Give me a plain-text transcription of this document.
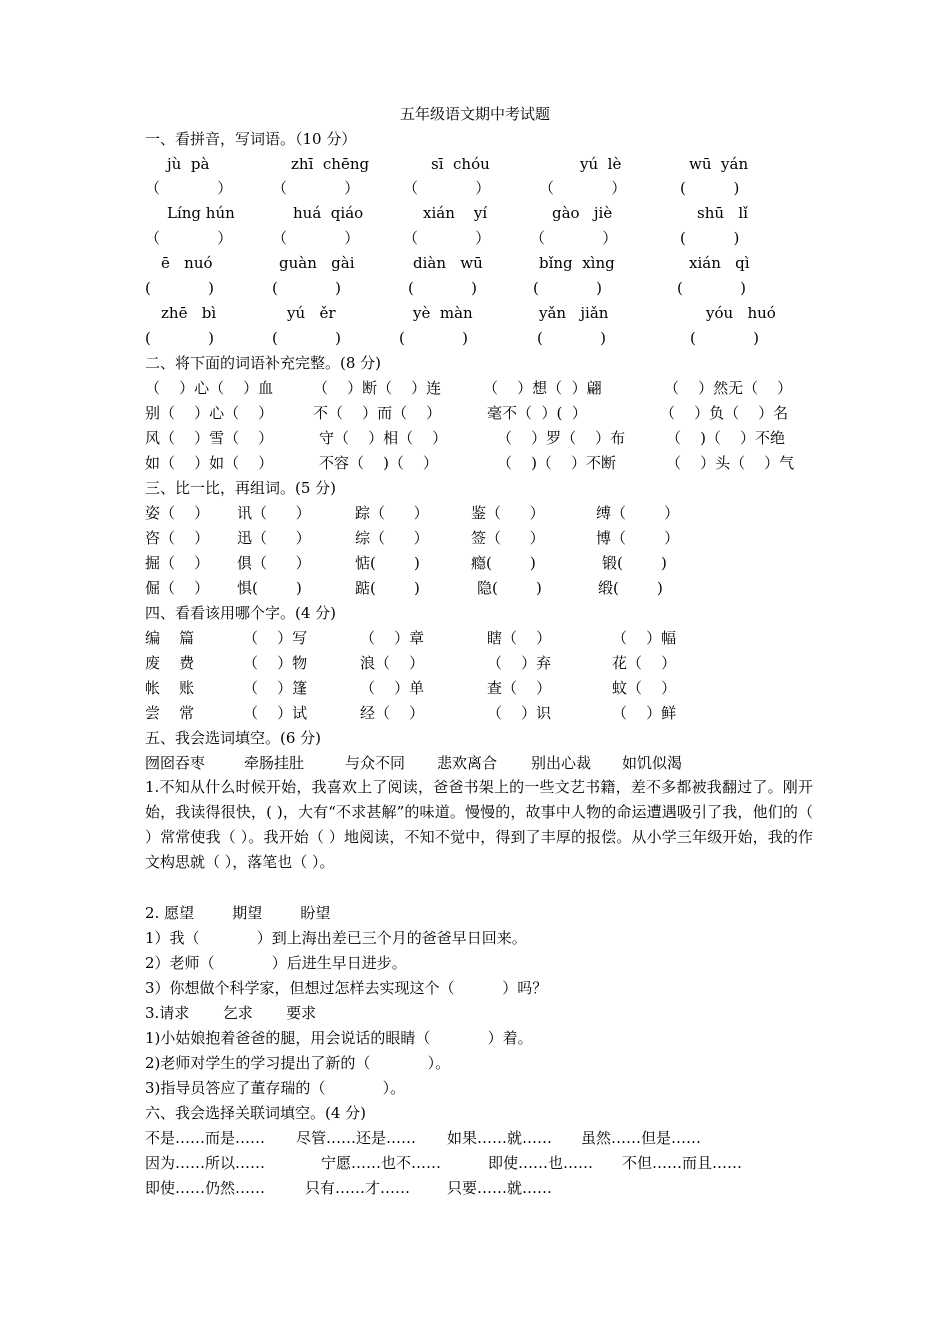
五年级语文期中考试题
一、看拼音，写词语。（10 分）
jù  pà	zhī  chēng	sī  chóu	yú  lè	wū  yán
（            ）	（            ）	（            ）	（            ）	(          )
Líng hún	huá  qiáo	xián    yí	gào   jiè	shū   lǐ
（            ）	（            ）	（            ）	（            ）	(          )
ē   nuó	guàn   gài	diàn   wū	bǐng  xìng	xián   qì
(            )	(            )	(            )	(            )	(            )
zhē   bì	yú   ěr	yè  màn	yǎn   jiǎn	yóu   huó
(            )	(            )	(            )	(            )	(            )
二、将下面的词语补充完整。(8 分)
（    ）心（    ）血	（    ）断（    ）连	（    ）想（  ）翩	（    ）然无（    ）
别（    ）心（    ）	不（    ）而（    ）	毫不（  ）(  ）	（    ）负（    ）名
风（    ）雪（    ）	守（    ）相（    ）	（    ）罗（    ）布	（    )（    ）不绝
如（    ）如（    ）	不容（    )（    ）	（    )（    ）不断	（    ）头（    ）气
三、比一比，再组词。(5 分)
姿（    ） 讯（      ）	踪（      ）	鉴（      ）	缚（        ）
咨（    ） 迅（      ）	综（      ）	签（      ）	博（        ）
掘（    ） 俱（      ）	惦(        )	瘾(        )	锻(        )
倔（    ） 惧(        )	踮(        )	隐(        )	缎(        )
四、看看该用哪个字。(4 分)
编    篇	（    ）写	（    ）章	瞎（    ）	（    ）幅
废    费	（    ）物	浪（    ）	（    ）弃	花（    ）
帐    账	（    ）篷	（    ）单	查（    ）	蚊（    ）
尝    常	（    ）试	经（    ）	（    ）识	（    ）鲜
五、我会选词填空。(6 分)
囫囵吞枣	牵肠挂肚	与众不同 悲欢离合 别出心裁 如饥似渴
1.不知从什么时候开始，我喜欢上了阅读，爸爸书架上的一些文艺书籍，差不多都被我翻过了。刚开始，我读得很快，( )，大有“不求甚解”的味道。慢慢的，故事中人物的命运遭遇吸引了我，他们的（ ）常常使我（ ）。我开始（ ）地阅读，不知不觉中，得到了丰厚的报偿。从小学三年级开始，我的作文构思就（ ），落笔也（ ）。
2. 愿望        期望        盼望
1）我（            ）到上海出差已三个月的爸爸早日回来。
2）老师（            ）后进生早日进步。
3）你想做个科学家，但想过怎样去实现这个（          ）吗？
3.请求       乞求       要求
1)小姑娘抱着爸爸的腿，用会说话的眼睛（            ）着。
2)老师对学生的学习提出了新的（            ）。
3)指导员答应了董存瑞的（            ）。
六、我会选择关联词填空。(4 分)
不是……而是…… 尽管……还是…… 如果……就…… 虽然……但是……
因为……所以……	宁愿……也不……	即使……也…… 不但……而且……
即使……仍然……	只有……才…… 只要……就……
